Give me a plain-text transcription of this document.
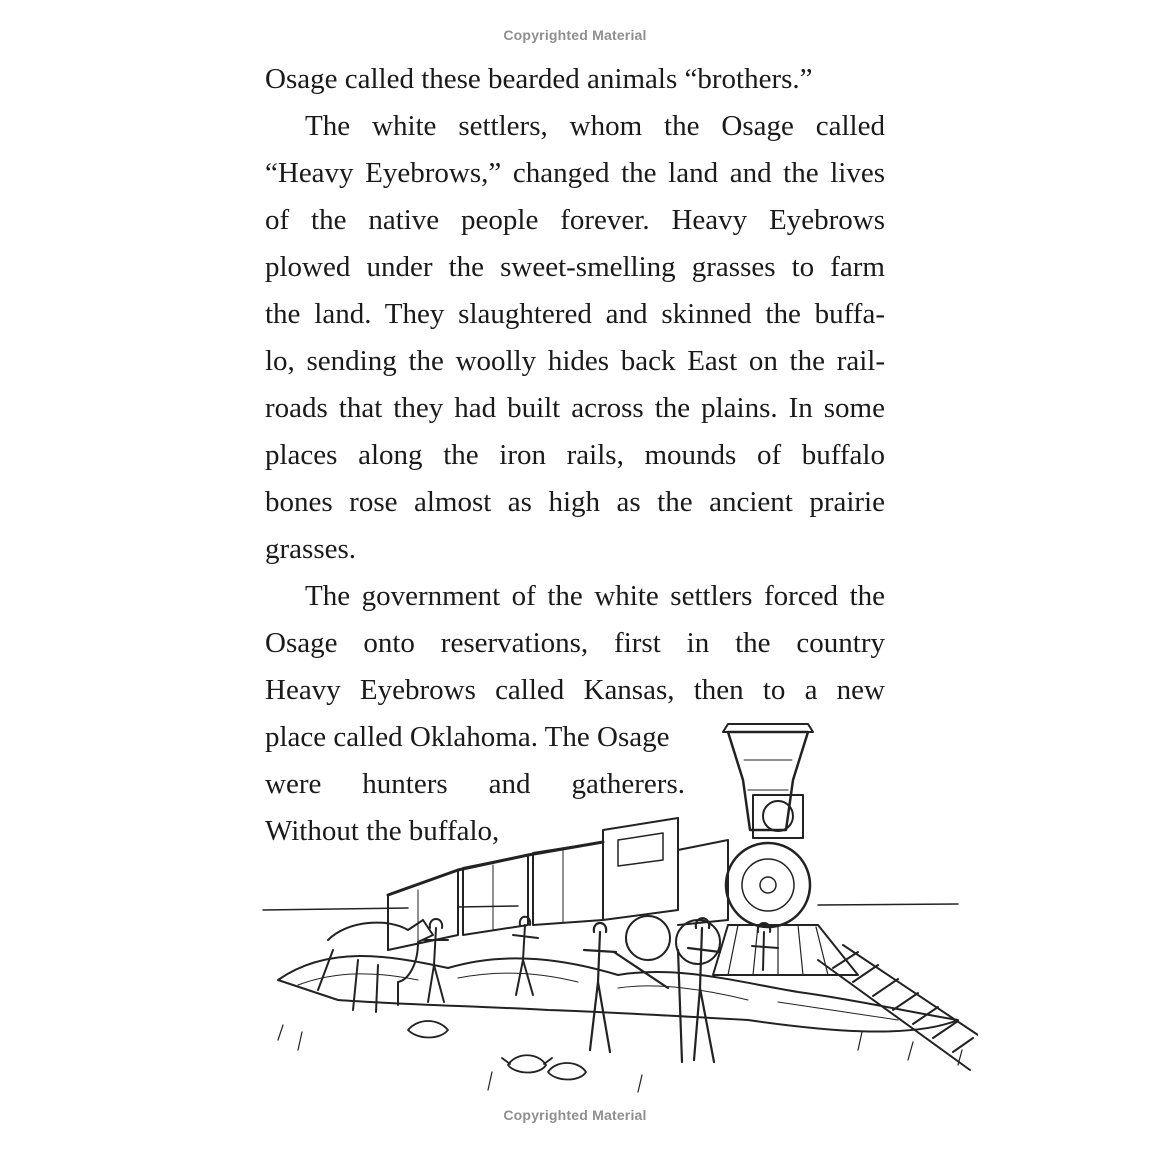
Copyrighted Material
Osage called these bearded animals “brothers.”
The white settlers, whom the Osage called
“Heavy Eyebrows,” changed the land and the lives
of the native people forever. Heavy Eyebrows
plowed under the sweet-smelling grasses to farm
the land. They slaughtered and skinned the buffa-
lo, sending the woolly hides back East on the rail-
roads that they had built across the plains. In some
places along the iron rails, mounds of buffalo
bones rose almost as high as the ancient prairie
grasses.
The government of the white settlers forced the
Osage onto reservations, first in the country
Heavy Eyebrows called Kansas, then to a new
place called Oklahoma. The Osage
were hunters and gatherers.
Without the buffalo,
Copyrighted Material
